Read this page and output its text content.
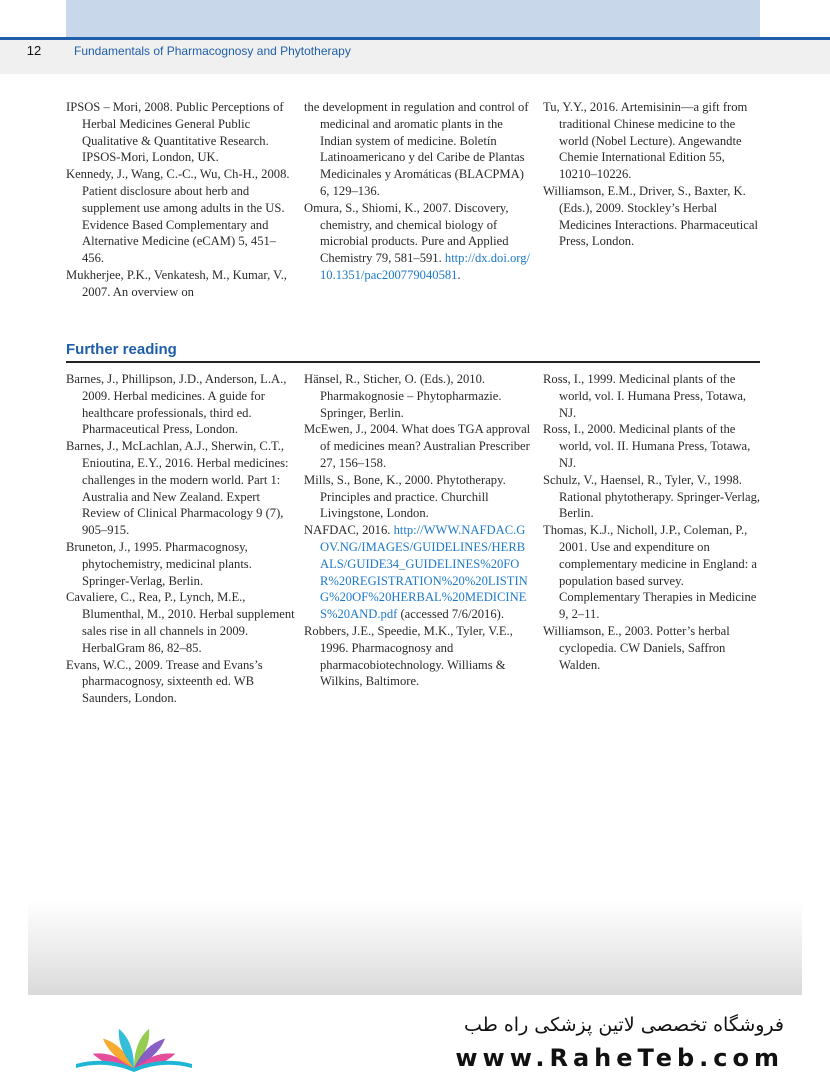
12	Fundamentals of Pharmacognosy and Phytotherapy

IPSOS – Mori, 2008. Public Perceptions of Herbal Medicines General Public Qualitative & Quantitative Research. IPSOS-Mori, London, UK.

Kennedy, J., Wang, C.-C., Wu, Ch-H., 2008. Patient disclosure about herb and supplement use among adults in the US. Evidence Based Complementary and Alternative Medicine (eCAM) 5, 451–456.

Mukherjee, P.K., Venkatesh, M., Kumar, V., 2007. An overview on

the development in regulation and control of medicinal and aromatic plants in the Indian system of medicine. Boletín Latinoamericano y del Caribe de Plantas Medicinales y Aromáticas (BLACPMA) 6, 129–136.

Omura, S., Shiomi, K., 2007. Discovery, chemistry, and chemical biology of microbial products. Pure and Applied Chemistry 79, 581–591. http://dx.doi.org/10.1351/pac200779040581.

Tu, Y.Y., 2016. Artemisinin—a gift from traditional Chinese medicine to the world (Nobel Lecture). Angewandte Chemie International Edition 55, 10210–10226.

Williamson, E.M., Driver, S., Baxter, K. (Eds.), 2009. Stockley’s Herbal Medicines Interactions. Pharmaceutical Press, London.

Further reading

Barnes, J., Phillipson, J.D., Anderson, L.A., 2009. Herbal medicines. A guide for healthcare professionals, third ed. Pharmaceutical Press, London.

Barnes, J., McLachlan, A.J., Sherwin, C.T., Enioutina, E.Y., 2016. Herbal medicines: challenges in the modern world. Part 1: Australia and New Zealand. Expert Review of Clinical Pharmacology 9 (7), 905–915.

Bruneton, J., 1995. Pharmacognosy, phytochemistry, medicinal plants. Springer-Verlag, Berlin.

Cavaliere, C., Rea, P., Lynch, M.E., Blumenthal, M., 2010. Herbal supplement sales rise in all channels in 2009. HerbalGram 86, 82–85.

Evans, W.C., 2009. Trease and Evans’s pharmacognosy, sixteenth ed. WB Saunders, London.

Hänsel, R., Sticher, O. (Eds.), 2010. Pharmakognosie – Phytopharmazie. Springer, Berlin.

McEwen, J., 2004. What does TGA approval of medicines mean? Australian Prescriber 27, 156–158.

Mills, S., Bone, K., 2000. Phytotherapy. Principles and practice. Churchill Livingstone, London.

NAFDAC, 2016. http://WWW.NAFDAC.GOV.NG/IMAGES/GUIDELINES/HERBALS/GUIDE34_GUIDELINES%20FOR%20REGISTRATION%20%20LISTING%20OF%20HERBAL%20MEDICINES%20AND.pdf (accessed 7/6/2016).

Robbers, J.E., Speedie, M.K., Tyler, V.E., 1996. Pharmacognosy and pharmacobiotechnology. Williams & Wilkins, Baltimore.

Ross, I., 1999. Medicinal plants of the world, vol. I. Humana Press, Totawa, NJ.

Ross, I., 2000. Medicinal plants of the world, vol. II. Humana Press, Totawa, NJ.

Schulz, V., Haensel, R., Tyler, V., 1998. Rational phytotherapy. Springer-Verlag, Berlin.

Thomas, K.J., Nicholl, J.P., Coleman, P., 2001. Use and expenditure on complementary medicine in England: a population based survey. Complementary Therapies in Medicine 9, 2–11.

Williamson, E., 2003. Potter’s herbal cyclopedia. CW Daniels, Saffron Walden.

فروشگاه تخصصی لاتین پزشکی راه طب
www.RaheTeb.com
